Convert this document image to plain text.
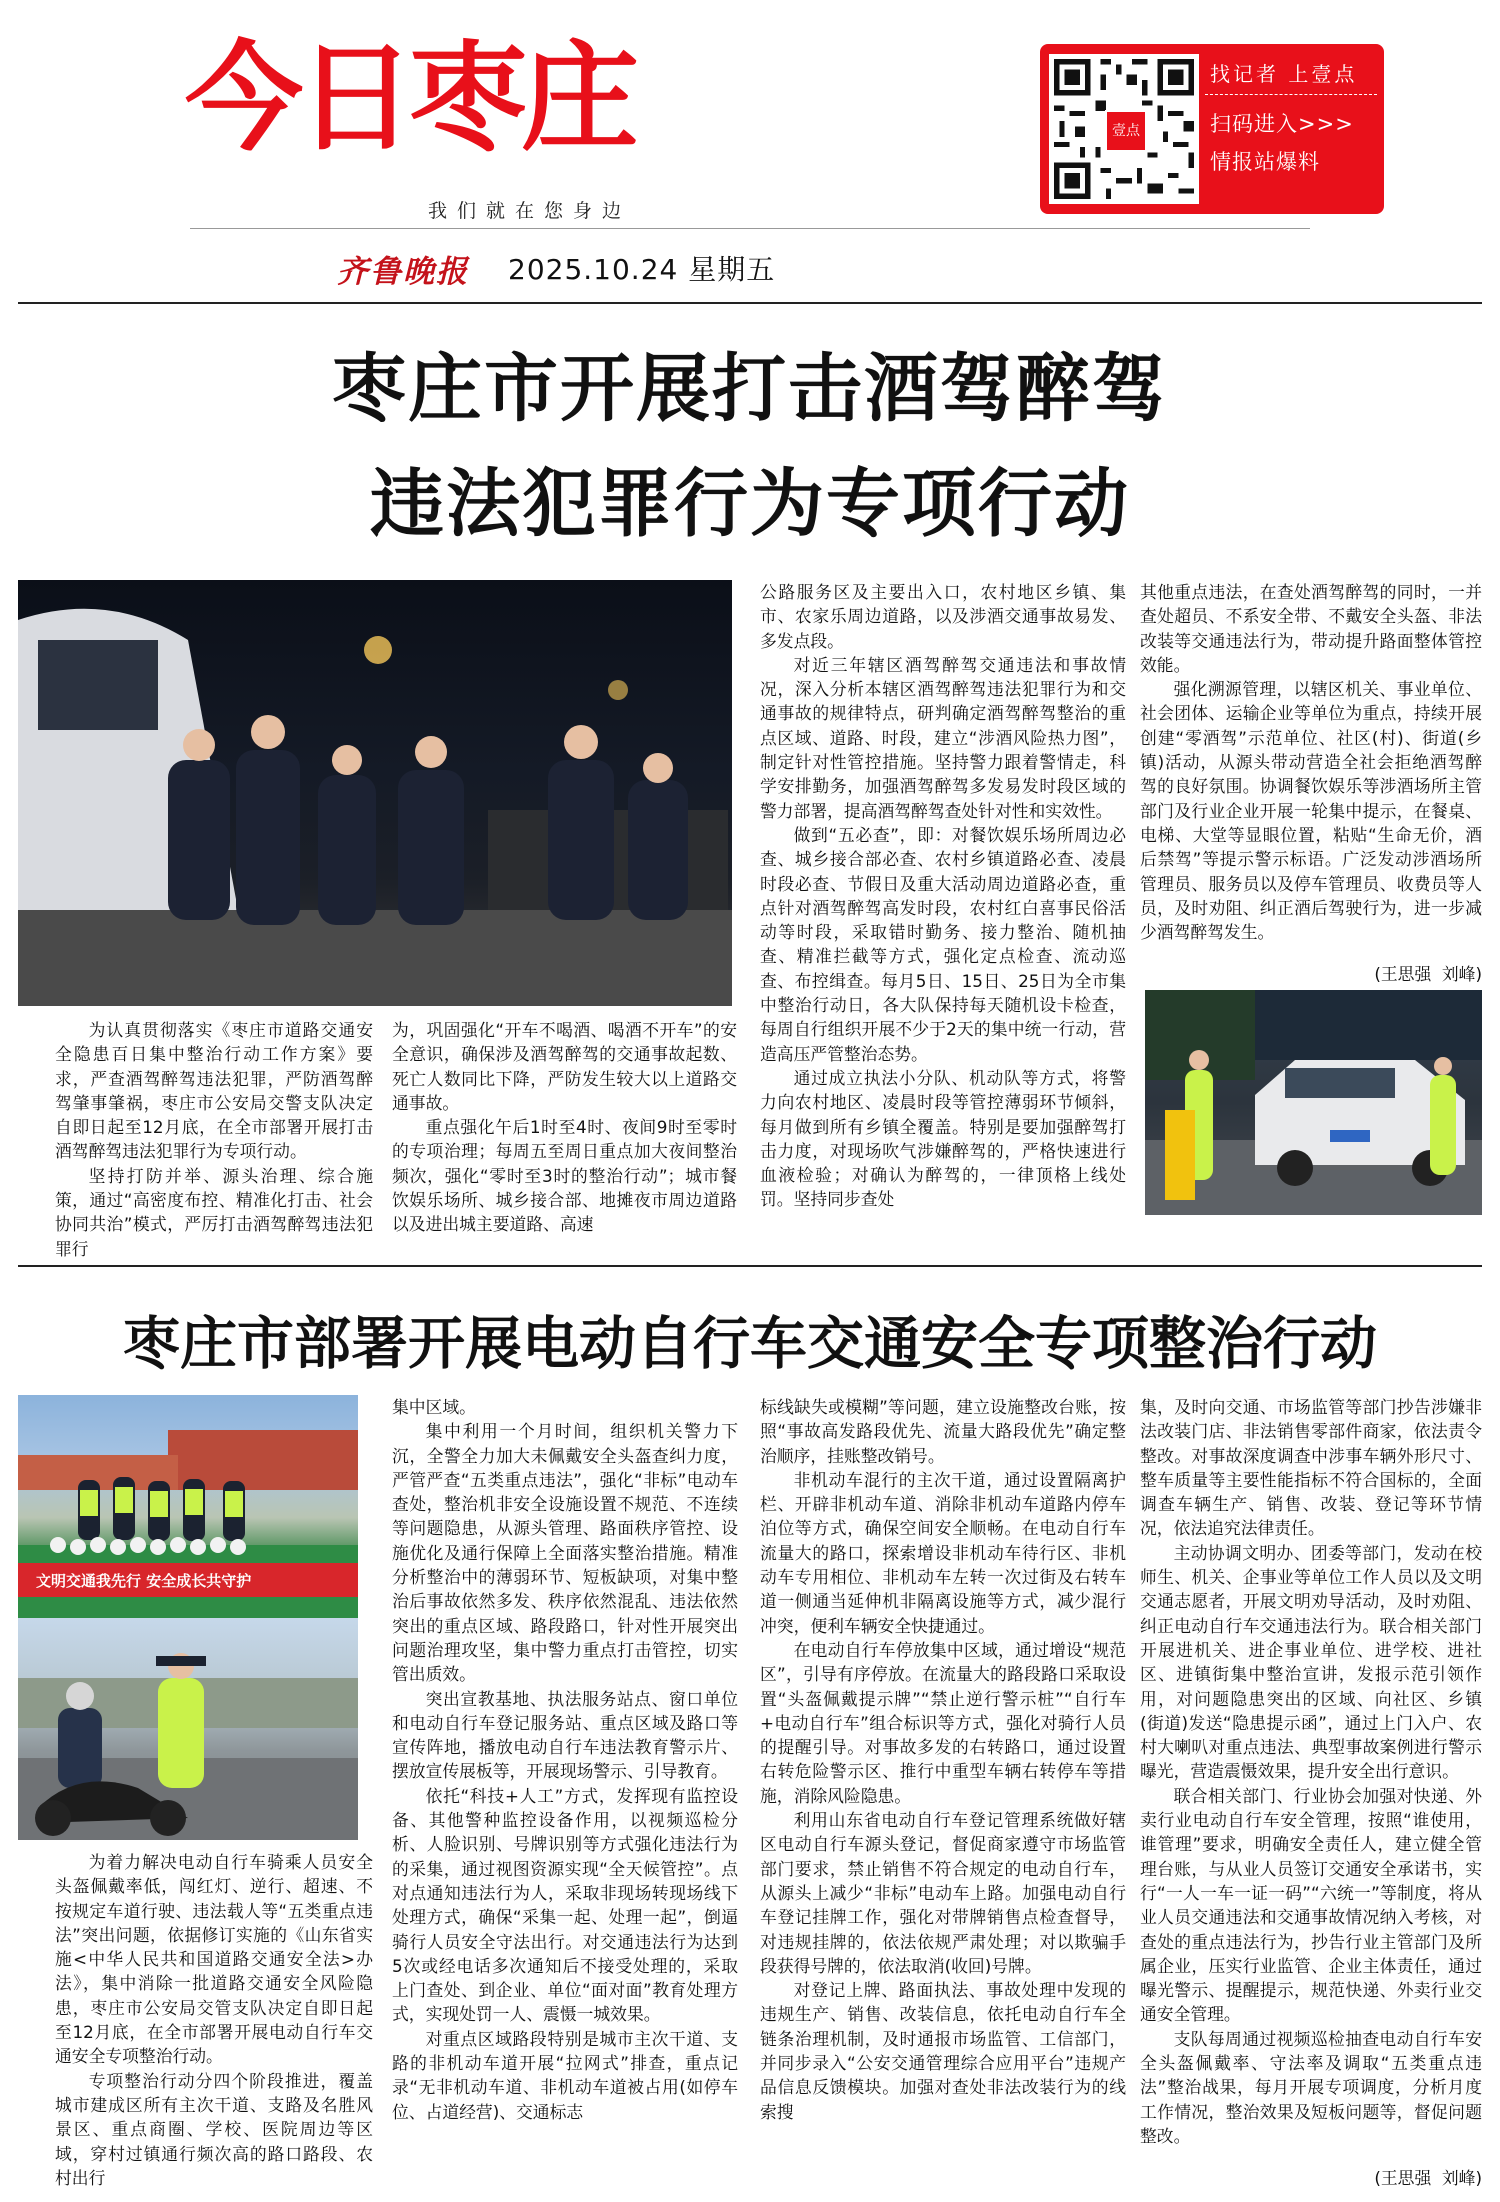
今日枣庄
我们就在您身边
齐鲁晚报 2025.10.24 星期五
壹点
找记者 上壹点
扫码进入>>>
情报站爆料
枣庄市开展打击酒驾醉驾
违法犯罪行为专项行动

为认真贯彻落实《枣庄市道路交通安全隐患百日集中整治行动工作方案》要求，严查酒驾醉驾违法犯罪，严防酒驾醉驾肇事肇祸，枣庄市公安局交警支队决定自即日起至12月底，在全市部署开展打击酒驾醉驾违法犯罪行为专项行动。

坚持打防并举、源头治理、综合施策，通过“高密度布控、精准化打击、社会协同共治”模式，严厉打击酒驾醉驾违法犯罪行

为，巩固强化“开车不喝酒、喝酒不开车”的安全意识，确保涉及酒驾醉驾的交通事故起数、死亡人数同比下降，严防发生较大以上道路交通事故。

重点强化午后1时至4时、夜间9时至零时的专项治理；每周五至周日重点加大夜间整治频次，强化“零时至3时的整治行动”；城市餐饮娱乐场所、城乡接合部、地摊夜市周边道路以及进出城主要道路、高速

公路服务区及主要出入口，农村地区乡镇、集市、农家乐周边道路，以及涉酒交通事故易发、多发点段。

对近三年辖区酒驾醉驾交通违法和事故情况，深入分析本辖区酒驾醉驾违法犯罪行为和交通事故的规律特点，研判确定酒驾醉驾整治的重点区域、道路、时段，建立“涉酒风险热力图”，制定针对性管控措施。坚持警力跟着警情走，科学安排勤务，加强酒驾醉驾多发易发时段区域的警力部署，提高酒驾醉驾查处针对性和实效性。

做到“五必查”，即：对餐饮娱乐场所周边必查、城乡接合部必查、农村乡镇道路必查、凌晨时段必查、节假日及重大活动周边道路必查，重点针对酒驾醉驾高发时段，农村红白喜事民俗活动等时段，采取错时勤务、接力整治、随机抽查、精准拦截等方式，强化定点检查、流动巡查、布控缉查。每月5日、15日、25日为全市集中整治行动日，各大队保持每天随机设卡检查，每周自行组织开展不少于2天的集中统一行动，营造高压严管整治态势。

通过成立执法小分队、机动队等方式，将警力向农村地区、凌晨时段等管控薄弱环节倾斜，每月做到所有乡镇全覆盖。特别是要加强醉驾打击力度，对现场吹气涉嫌醉驾的，严格快速进行血液检验；对确认为醉驾的，一律顶格上线处罚。坚持同步查处

其他重点违法，在查处酒驾醉驾的同时，一并查处超员、不系安全带、不戴安全头盔、非法改装等交通违法行为，带动提升路面整体管控效能。

强化溯源管理，以辖区机关、事业单位、社会团体、运输企业等单位为重点，持续开展创建“零酒驾”示范单位、社区(村)、街道(乡镇)活动，从源头带动营造全社会拒绝酒驾醉驾的良好氛围。协调餐饮娱乐等涉酒场所主管部门及行业企业开展一轮集中提示，在餐桌、电梯、大堂等显眼位置，粘贴“生命无价，酒后禁驾”等提示警示标语。广泛发动涉酒场所管理员、服务员以及停车管理员、收费员等人员，及时劝阻、纠正酒后驾驶行为，进一步减少酒驾醉驾发生。

(王思强  刘峰)
枣庄市部署开展电动自行车交通安全专项整治行动
文明交通我先行 安全成长共守护

为着力解决电动自行车骑乘人员安全头盔佩戴率低，闯红灯、逆行、超速、不按规定车道行驶、违法载人等“五类重点违法”突出问题，依据修订实施的《山东省实施<中华人民共和国道路交通安全法>办法》，集中消除一批道路交通安全风险隐患，枣庄市公安局交管支队决定自即日起至12月底，在全市部署开展电动自行车交通安全专项整治行动。

专项整治行动分四个阶段推进，覆盖城市建成区所有主次干道、支路及名胜风景区、重点商圈、学校、医院周边等区域，穿村过镇通行频次高的路口路段、农村出行

集中区域。

集中利用一个月时间，组织机关警力下沉，全警全力加大未佩戴安全头盔查纠力度，严管严查“五类重点违法”，强化“非标”电动车查处，整治机非安全设施设置不规范、不连续等问题隐患，从源头管理、路面秩序管控、设施优化及通行保障上全面落实整治措施。精准分析整治中的薄弱环节、短板缺项，对集中整治后事故依然多发、秩序依然混乱、违法依然突出的重点区域、路段路口，针对性开展突出问题治理攻坚，集中警力重点打击管控，切实管出质效。

突出宣教基地、执法服务站点、窗口单位和电动自行车登记服务站、重点区域及路口等宣传阵地，播放电动自行车违法教育警示片、摆放宣传展板等，开展现场警示、引导教育。

依托“科技+人工”方式，发挥现有监控设备、其他警种监控设备作用，以视频巡检分析、人脸识别、号牌识别等方式强化违法行为的采集，通过视图资源实现“全天候管控”。点对点通知违法行为人，采取非现场转现场线下处理方式，确保“采集一起、处理一起”，倒逼骑行人员安全守法出行。对交通违法行为达到5次或经电话多次通知后不接受处理的，采取上门查处、到企业、单位“面对面”教育处理方式，实现处罚一人、震慑一城效果。

对重点区域路段特别是城市主次干道、支路的非机动车道开展“拉网式”排查，重点记录“无非机动车道、非机动车道被占用(如停车位、占道经营)、交通标志

标线缺失或模糊”等问题，建立设施整改台账，按照“事故高发路段优先、流量大路段优先”确定整治顺序，挂账整改销号。

非机动车混行的主次干道，通过设置隔离护栏、开辟非机动车道、消除非机动车道路内停车泊位等方式，确保空间安全顺畅。在电动自行车流量大的路口，探索增设非机动车待行区、非机动车专用相位、非机动车左转一次过街及右转车道一侧通当延伸机非隔离设施等方式，减少混行冲突，便利车辆安全快捷通过。

在电动自行车停放集中区域，通过增设“规范区”，引导有序停放。在流量大的路段路口采取设置“头盔佩戴提示牌”“禁止逆行警示桩”“自行车+电动自行车”组合标识等方式，强化对骑行人员的提醒引导。对事故多发的右转路口，通过设置右转危险警示区、推行中重型车辆右转停车等措施，消除风险隐患。

利用山东省电动自行车登记管理系统做好辖区电动自行车源头登记，督促商家遵守市场监管部门要求，禁止销售不符合规定的电动自行车，从源头上减少“非标”电动车上路。加强电动自行车登记挂牌工作，强化对带牌销售点检查督导，对违规挂牌的，依法依规严肃处理；对以欺骗手段获得号牌的，依法取消(收回)号牌。

对登记上牌、路面执法、事故处理中发现的违规生产、销售、改装信息，依托电动自行车全链条治理机制，及时通报市场监管、工信部门，并同步录入“公安交通管理综合应用平台”违规产品信息反馈模块。加强对查处非法改装行为的线索搜

集，及时向交通、市场监管等部门抄告涉嫌非法改装门店、非法销售零部件商家，依法责令整改。对事故深度调查中涉事车辆外形尺寸、整车质量等主要性能指标不符合国标的，全面调查车辆生产、销售、改装、登记等环节情况，依法追究法律责任。

主动协调文明办、团委等部门，发动在校师生、机关、企事业等单位工作人员以及文明交通志愿者，开展文明劝导活动，及时劝阻、纠正电动自行车交通违法行为。联合相关部门开展进机关、进企事业单位、进学校、进社区、进镇街集中整治宣讲，发报示范引领作用，对问题隐患突出的区域、向社区、乡镇(街道)发送“隐患提示函”，通过上门入户、农村大喇叭对重点违法、典型事故案例进行警示曝光，营造震慑效果，提升安全出行意识。

联合相关部门、行业协会加强对快递、外卖行业电动自行车安全管理，按照“谁使用，谁管理”要求，明确安全责任人，建立健全管理台账，与从业人员签订交通安全承诺书，实行“一人一车一证一码”“六统一”等制度，将从业人员交通违法和交通事故情况纳入考核，对查处的重点违法行为，抄告行业主管部门及所属企业，压实行业监管、企业主体责任，通过曝光警示、提醒提示，规范快递、外卖行业交通安全管理。

支队每周通过视频巡检抽查电动自行车安全头盔佩戴率、守法率及调取“五类重点违法”整治战果，每月开展专项调度，分析月度工作情况，整治效果及短板问题等，督促问题整改。

(王思强  刘峰)
